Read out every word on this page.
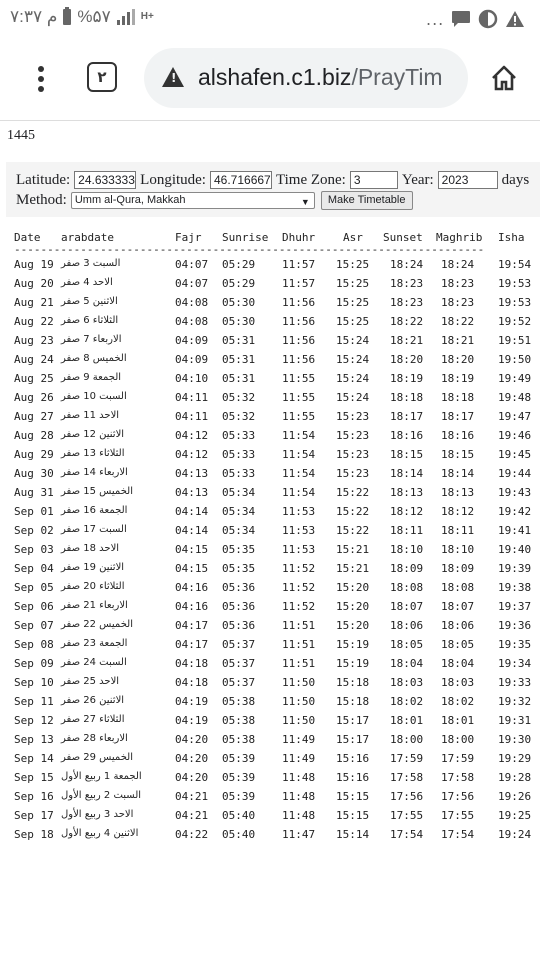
۷:۳۷ م %۵۷	H+	...
٢
!	alshafen.c1.biz/PrayTim
1445
Latitude: 24.633333 Longitude: 46.716667 Time Zone: 3	Year: 2023	days
Method: Umm al-Qura, Makkah	▼	Make Timetable
Date arabdate	Fajr Sunrise Dhuhr	Asr Sunset Maghrib Isha
-----------------------------------------------------------------------
Aug 19 السبت 3 صفر	04:07 05:29 11:57 15:25 18:24 18:24 19:54
Aug 20 الاحد 4 صفر	04:07 05:29 11:57 15:25 18:23 18:23 19:53
Aug 21 الاثنين 5 صفر	04:08 05:30 11:56 15:25 18:23 18:23 19:53
Aug 22 الثلاثاء 6 صفر	04:08 05:30 11:56 15:25 18:22 18:22 19:52
Aug 23 الاربعاء 7 صفر	04:09 05:31 11:56 15:24 18:21 18:21 19:51
Aug 24 الخميس 8 صفر	04:09 05:31 11:56 15:24 18:20 18:20 19:50
Aug 25 الجمعة 9 صفر	04:10 05:31 11:55 15:24 18:19 18:19 19:49
Aug 26 السبت 10 صفر	04:11 05:32 11:55 15:24 18:18 18:18 19:48
Aug 27 الاحد 11 صفر	04:11 05:32 11:55 15:23 18:17 18:17 19:47
Aug 28 الاثنين 12 صفر	04:12 05:33 11:54 15:23 18:16 18:16 19:46
Aug 29 الثلاثاء 13 صفر	04:12 05:33 11:54 15:23 18:15 18:15 19:45
Aug 30 الاربعاء 14 صفر	04:13 05:33 11:54 15:23 18:14 18:14 19:44
Aug 31 الخميس 15 صفر	04:13 05:34 11:54 15:22 18:13 18:13 19:43
Sep 01 الجمعة 16 صفر	04:14 05:34 11:53 15:22 18:12 18:12 19:42
Sep 02 السبت 17 صفر	04:14 05:34 11:53 15:22 18:11 18:11 19:41
Sep 03 الاحد 18 صفر	04:15 05:35 11:53 15:21 18:10 18:10 19:40
Sep 04 الاثنين 19 صفر	04:15 05:35 11:52 15:21 18:09 18:09 19:39
Sep 05 الثلاثاء 20 صفر	04:16 05:36 11:52 15:20 18:08 18:08 19:38
Sep 06 الاربعاء 21 صفر	04:16 05:36 11:52 15:20 18:07 18:07 19:37
Sep 07 الخميس 22 صفر	04:17 05:36 11:51 15:20 18:06 18:06 19:36
Sep 08 الجمعة 23 صفر	04:17 05:37 11:51 15:19 18:05 18:05 19:35
Sep 09 السبت 24 صفر	04:18 05:37 11:51 15:19 18:04 18:04 19:34
Sep 10 الاحد 25 صفر	04:18 05:37 11:50 15:18 18:03 18:03 19:33
Sep 11 الاثنين 26 صفر	04:19 05:38 11:50 15:18 18:02 18:02 19:32
Sep 12 الثلاثاء 27 صفر	04:19 05:38 11:50 15:17 18:01 18:01 19:31
Sep 13 الاربعاء 28 صفر	04:20 05:38 11:49 15:17 18:00 18:00 19:30
Sep 14 الخميس 29 صفر	04:20 05:39 11:49 15:16 17:59 17:59 19:29
Sep 15 الجمعة 1 ربيع الأول	04:20 05:39 11:48 15:16 17:58 17:58 19:28
Sep 16 السبت 2 ربيع الأول	04:21 05:39 11:48 15:15 17:56 17:56 19:26
Sep 17 الاحد 3 ربيع الأول	04:21 05:40 11:48 15:15 17:55 17:55 19:25
Sep 18 الاثنين 4 ربيع الأول	04:22 05:40 11:47 15:14 17:54 17:54 19:24
